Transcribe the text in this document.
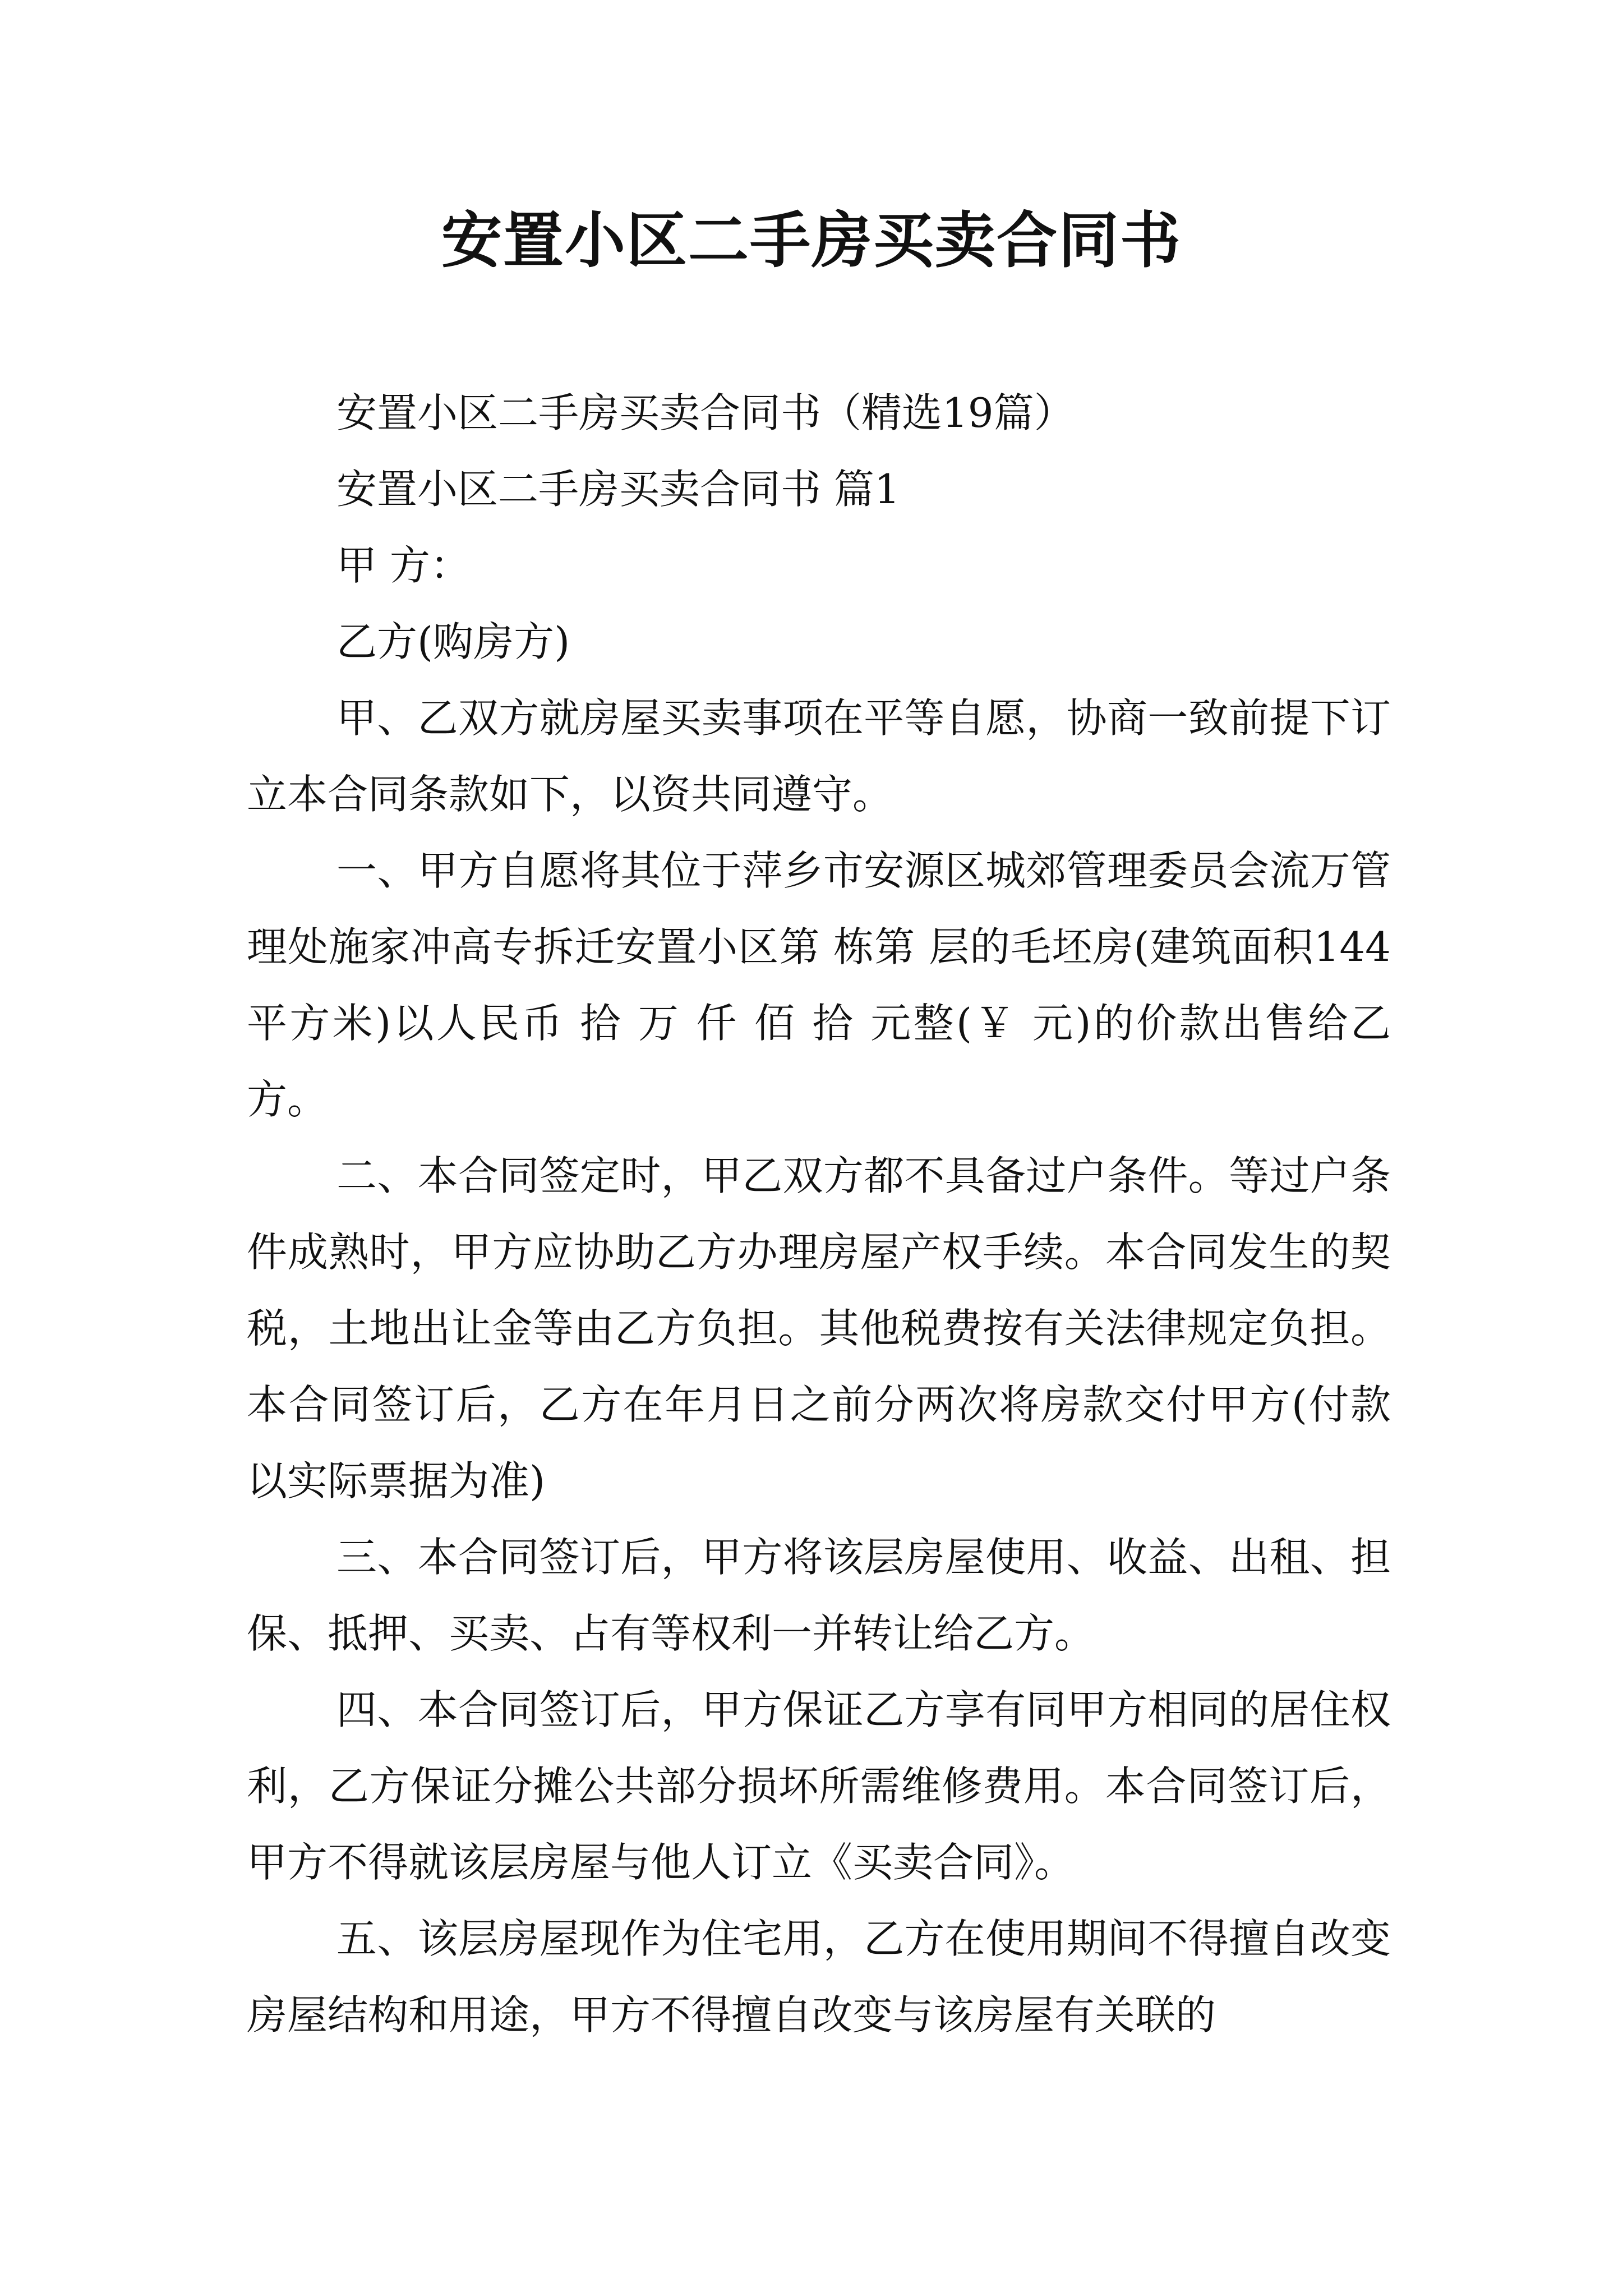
安置小区二手房买卖合同书

安置小区二手房买卖合同书（精选19篇）

安置小区二手房买卖合同书 篇1

甲 方：

乙方(购房方)

甲、乙双方就房屋买卖事项在平等自愿，协商一致前提下订立本合同条款如下，以资共同遵守。

一、甲方自愿将其位于萍乡市安源区城郊管理委员会流万管理处施家冲高专拆迁安置小区第 栋第 层的毛坯房(建筑面积144平方米)以人民币 拾 万 仟 佰 拾 元整(￥ 元)的价款出售给乙方。

二、本合同签定时，甲乙双方都不具备过户条件。等过户条件成熟时，甲方应协助乙方办理房屋产权手续。本合同发生的契税，土地出让金等由乙方负担。其他税费按有关法律规定负担。本合同签订后，乙方在年月日之前分两次将房款交付甲方(付款以实际票据为准)

三、本合同签订后，甲方将该层房屋使用、收益、出租、担保、抵押、买卖、占有等权利一并转让给乙方。

四、本合同签订后，甲方保证乙方享有同甲方相同的居住权利，乙方保证分摊公共部分损坏所需维修费用。本合同签订后，甲方不得就该层房屋与他人订立《买卖合同》。

五、该层房屋现作为住宅用，乙方在使用期间不得擅自改变房屋结构和用途，甲方不得擅自改变与该房屋有关联的
